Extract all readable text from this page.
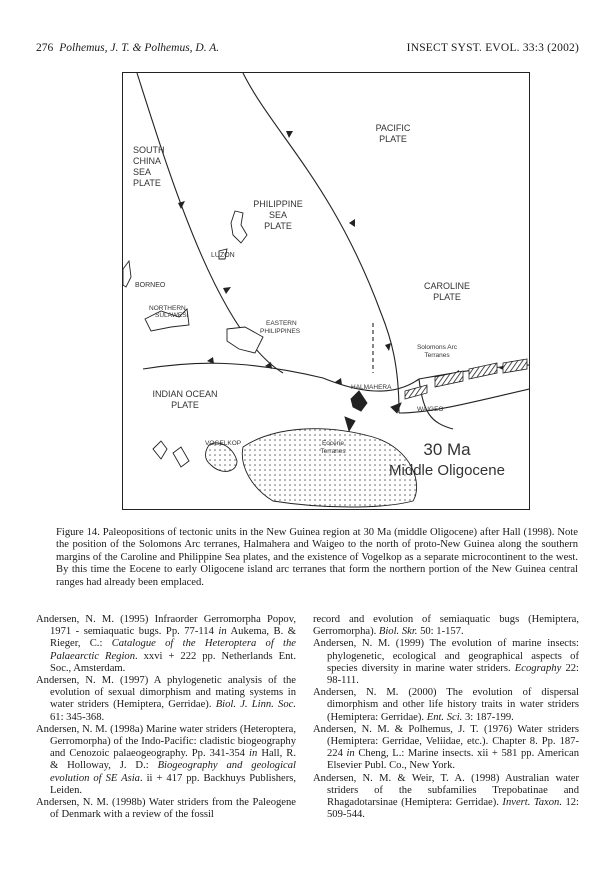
276 Polhemus, J. T. & Polhemus, D. A.	INSECT SYST. EVOL. 33:3 (2002)
PACIFIC
PLATE
SOUTH
CHINA
SEA
PLATE
PHILIPPINE
SEA
PLATE
LUZON
BORNEO	CAROLINE
PLATE
NORTHERN
SULAWESI
EASTERN
PHILIPPINES
Solomons Arc
Terranes
HALMAHERA
INDIAN OCEAN
PLATE	WAIGEO
VOGELKOP	Eocene
Terranes	30 Ma
Middle Oligocene

Figure 14. Paleopositions of tectonic units in the New Guinea region at 30 Ma (middle Oligocene) after Hall (1998). Note the position of the Solomons Arc terranes, Halmahera and Waigeo to the north of proto-New Guinea along the southern margins of the Caroline and Philippine Sea plates, and the existence of Vogelkop as a separate microcontinent to the west. By this time the Eocene to early Oligocene island arc terranes that form the northern portion of the New Guinea central ranges had already been emplaced.

Andersen, N. M. (1995) Infraorder Gerromorpha Popov, 1971 - semiaquatic bugs. Pp. 77-114 in Aukema, B. & Rieger, C.: Catalogue of the Heteroptera of the Palaearctic Region. xxvi + 222 pp. Netherlands Ent. Soc., Amsterdam.

Andersen, N. M. (1997) A phylogenetic analysis of the evolution of sexual dimorphism and mating systems in water striders (Hemiptera, Gerridae). Biol. J. Linn. Soc. 61: 345-368.

Andersen, N. M. (1998a) Marine water striders (Heteroptera, Gerromorpha) of the Indo-Pacific: cladistic biogeography and Cenozoic palaeogeography. Pp. 341-354 in Hall, R. & Holloway, J. D.: Biogeography and geological evolution of SE Asia. ii + 417 pp. Backhuys Publishers, Leiden.

Andersen, N. M. (1998b) Water striders from the Paleogene of Denmark with a review of the fossil

record and evolution of semiaquatic bugs (Hemiptera, Gerromorpha). Biol. Skr. 50: 1-157.

Andersen, N. M. (1999) The evolution of marine insects: phylogenetic, ecological and geographical aspects of species diversity in marine water striders. Ecography 22: 98-111.

Andersen, N. M. (2000) The evolution of dispersal dimorphism and other life history traits in water striders (Hemiptera: Gerridae). Ent. Sci. 3: 187-199.

Andersen, N. M. & Polhemus, J. T. (1976) Water striders (Hemiptera: Gerridae, Veliidae, etc.). Chapter 8. Pp. 187-224 in Cheng, L.: Marine insects. xii + 581 pp. American Elsevier Publ. Co., New York.

Andersen, N. M. & Weir, T. A. (1998) Australian water striders of the subfamilies Trepobatinae and Rhagadotarsinae (Hemiptera: Gerridae). Invert. Taxon. 12: 509-544.
